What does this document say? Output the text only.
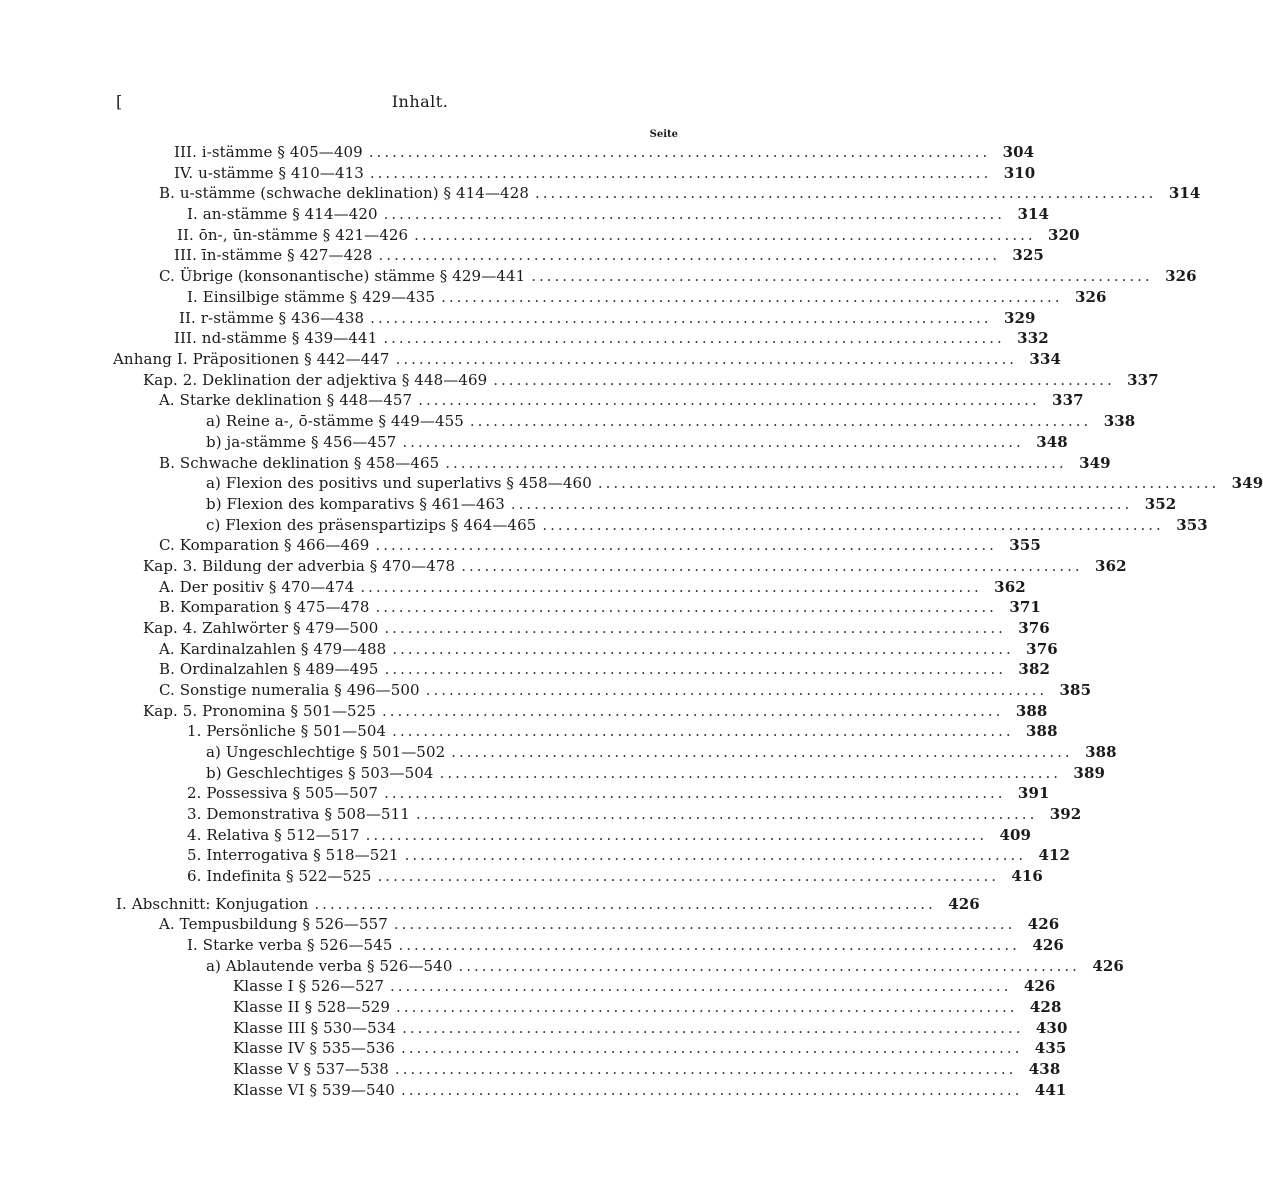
[	Inhalt.
Seite
III. i-stämme § 405—409 ................................................................................ 304
IV. u-stämme § 410—413 ................................................................................ 310
B. u-stämme (schwache deklination) § 414—428 ................................................................................ 314
I. an-stämme § 414—420 ................................................................................ 314
II. ōn-, ūn-stämme § 421—426 ................................................................................ 320
III. īn-stämme § 427—428 ................................................................................ 325
C. Übrige (konsonantische) stämme § 429—441 ................................................................................ 326
I. Einsilbige stämme § 429—435 ................................................................................ 326
II. r-stämme § 436—438 ................................................................................ 329
III. nd-stämme § 439—441 ................................................................................ 332
Anhang I. Präpositionen § 442—447 ................................................................................ 334
Kap. 2. Deklination der adjektiva § 448—469 ................................................................................ 337
A. Starke deklination § 448—457 ................................................................................ 337
a) Reine a-, ō-stämme § 449—455 ................................................................................ 338
b) ja-stämme § 456—457 ................................................................................ 348
B. Schwache deklination § 458—465 ................................................................................ 349
a) Flexion des positivs und superlativs § 458—460 ................................................................................ 349
b) Flexion des komparativs § 461—463 ................................................................................ 352
c) Flexion des präsenspartizips § 464—465 ................................................................................ 353
C. Komparation § 466—469 ................................................................................ 355
Kap. 3. Bildung der adverbia § 470—478 ................................................................................ 362
A. Der positiv § 470—474 ................................................................................ 362
B. Komparation § 475—478 ................................................................................ 371
Kap. 4. Zahlwörter § 479—500 ................................................................................ 376
A. Kardinalzahlen § 479—488 ................................................................................ 376
B. Ordinalzahlen § 489—495 ................................................................................ 382
C. Sonstige numeralia § 496—500 ................................................................................ 385
Kap. 5. Pronomina § 501—525 ................................................................................ 388
1. Persönliche § 501—504 ................................................................................ 388
a) Ungeschlechtige § 501—502 ................................................................................ 388
b) Geschlechtiges § 503—504 ................................................................................ 389
2. Possessiva § 505—507 ................................................................................ 391
3. Demonstrativa § 508—511 ................................................................................ 392
4. Relativa § 512—517 ................................................................................ 409
5. Interrogativa § 518—521 ................................................................................ 412
6. Indefinita § 522—525 ................................................................................ 416
I. Abschnitt: Konjugation ................................................................................ 426
A. Tempusbildung § 526—557 ................................................................................ 426
I. Starke verba § 526—545 ................................................................................ 426
a) Ablautende verba § 526—540 ................................................................................ 426
Klasse I § 526—527 ................................................................................ 426
Klasse II § 528—529 ................................................................................ 428
Klasse III § 530—534 ................................................................................ 430
Klasse IV § 535—536 ................................................................................ 435
Klasse V § 537—538 ................................................................................ 438
Klasse VI § 539—540 ................................................................................ 441
